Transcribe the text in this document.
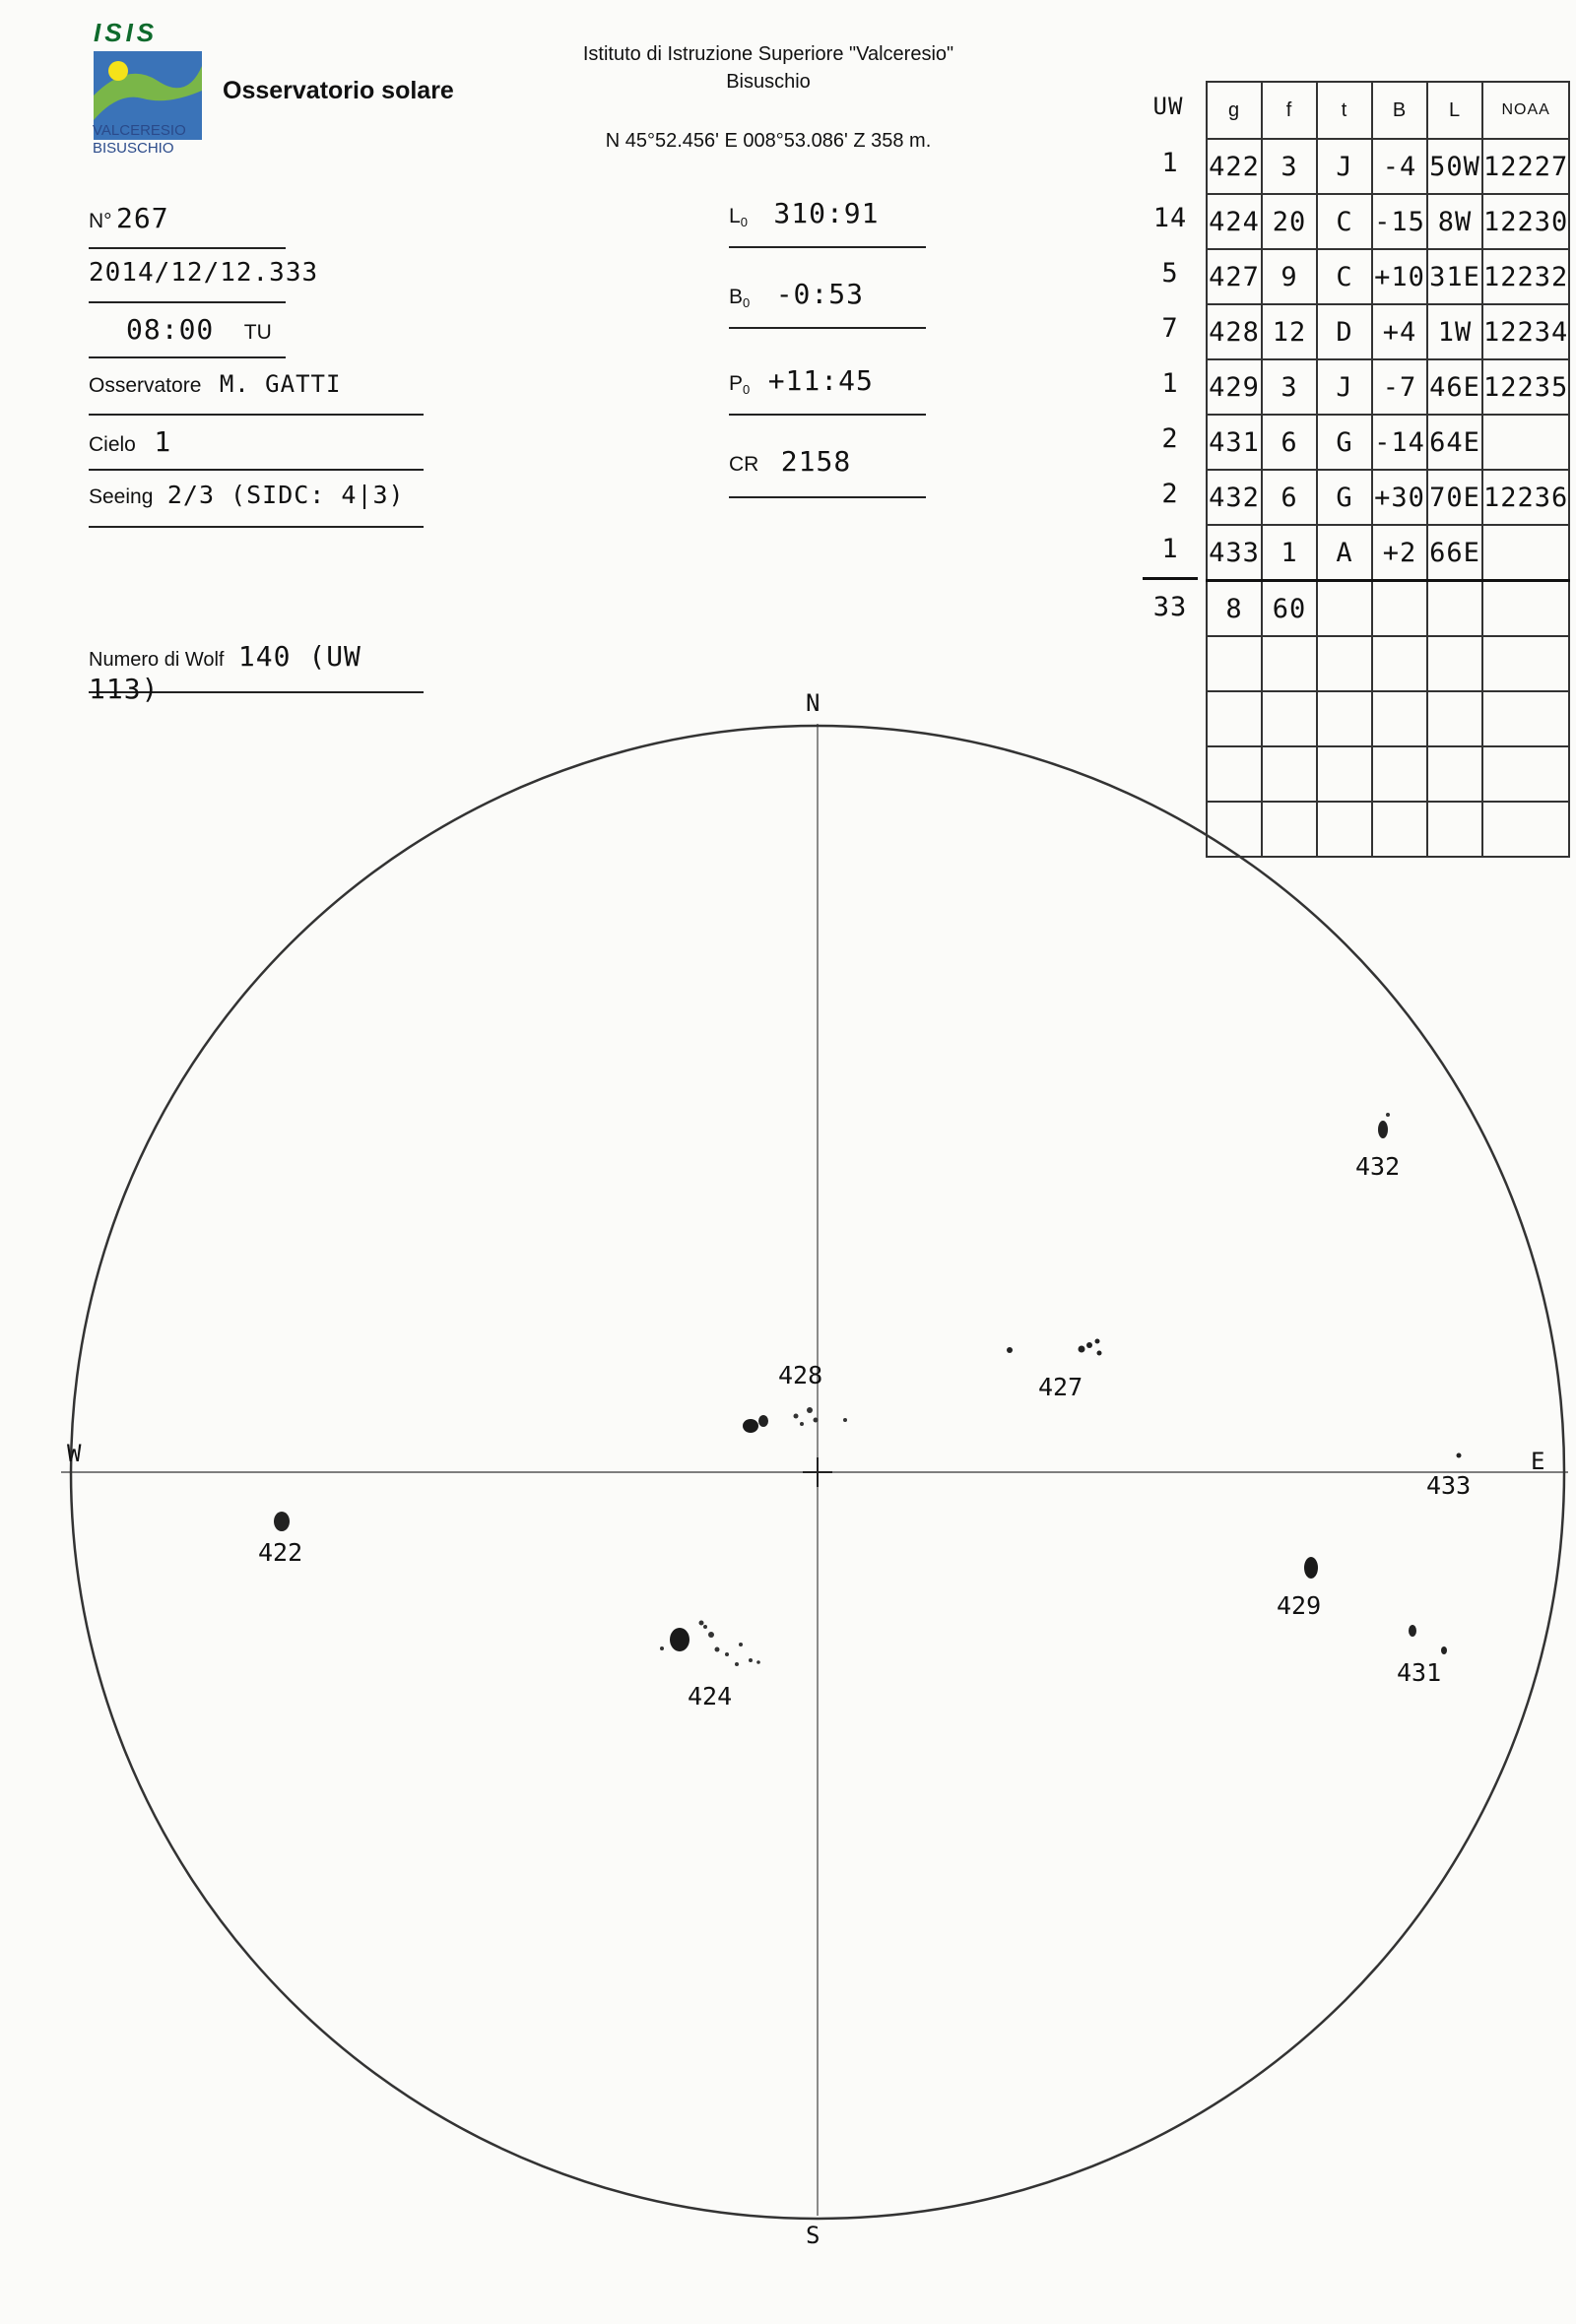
ISIS
VALCERESIO
BISUSCHIO
Osservatorio solare
Istituto di Istruzione Superiore "Valceresio"
Bisuschio
N 45°52.456' E 008°53.086' Z 358 m.
N° 267
2014/12/12.333
08:00 TU
Osservatore M. GATTI
Cielo 1
Seeing 2/3 (SIDC: 4|3)
Numero di Wolf 140 (UW 113)
$L_0$ 310:91
$B_0$ -0:53
$P_0$ +11:45
CR 2158
UW
1
14
5
7
1
2
2
1
33
g	f	t	B	L	NOAA
422	3	J	-4	50W	12227
424	20	C	-15	8W	12230
427	9	C	+10	31E	12232
428	12	D	+4	1W	12234
429	3	J	-7	46E	12235
431	6	G	-14	64E	
432	6	G	+30	70E	12236
433	1	A	+2	66E	
8	60				

N
S
W	E
422
424
427
428
429
431
432
433
